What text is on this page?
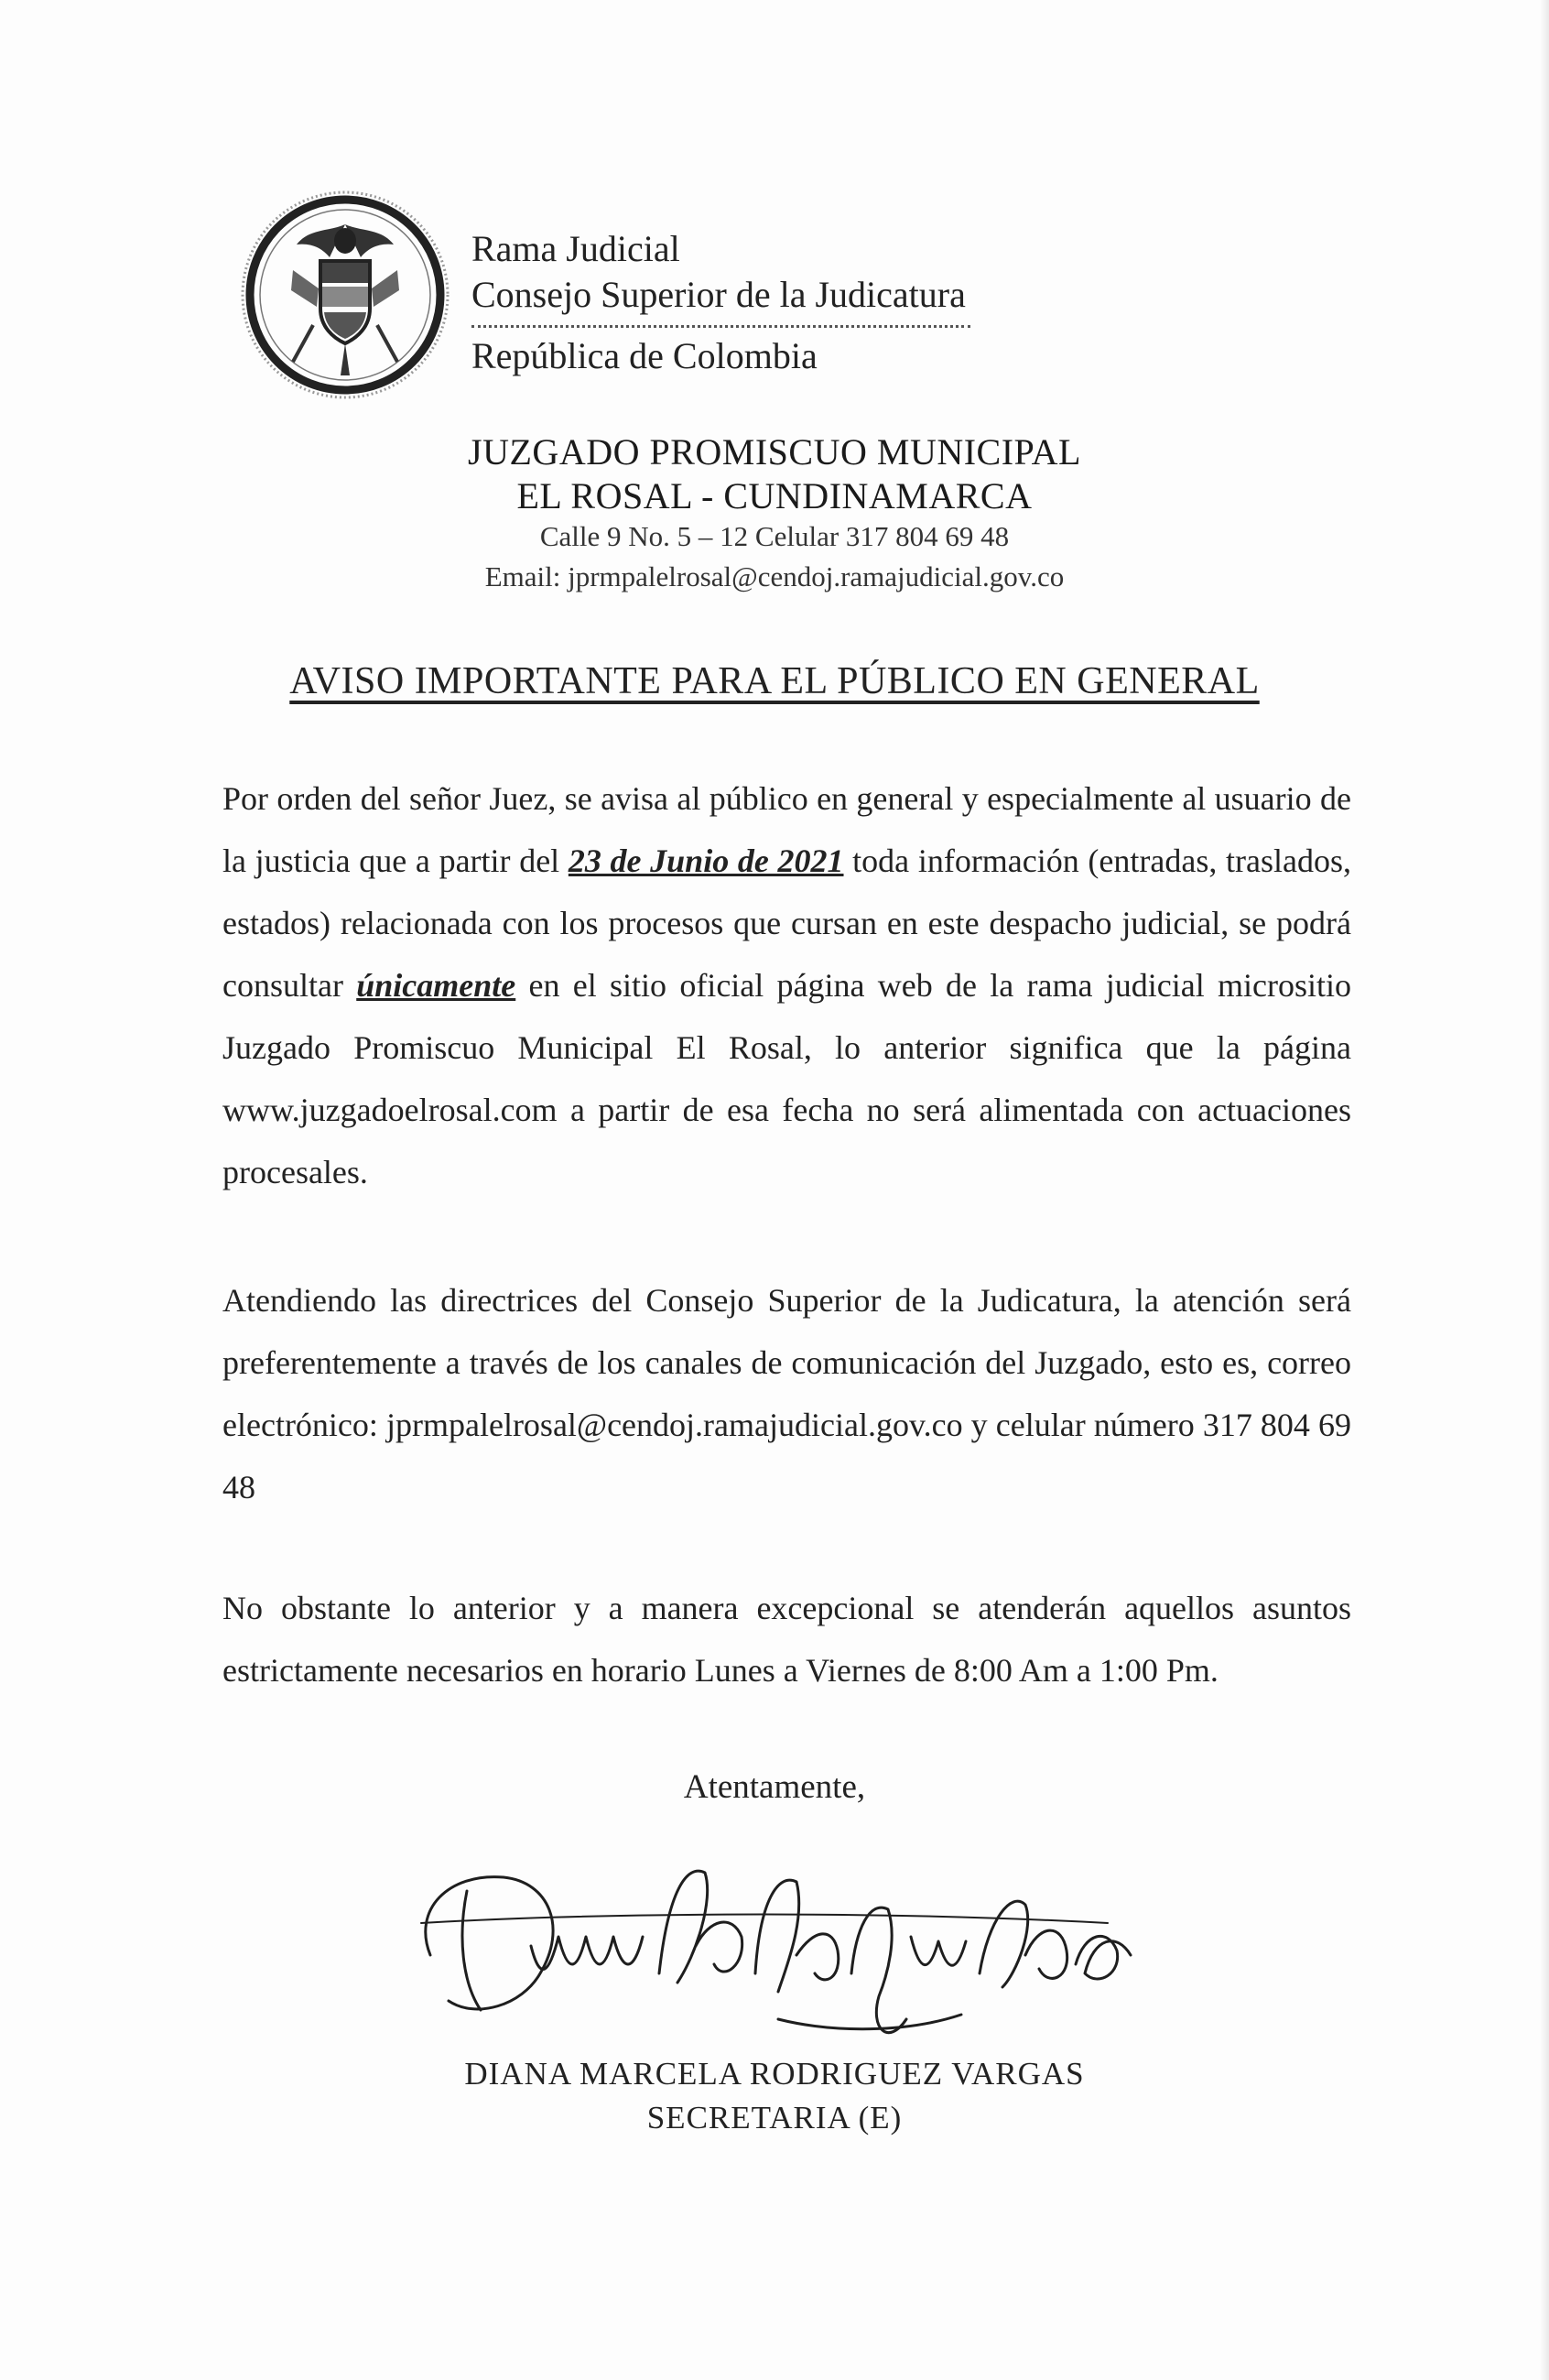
Rama Judicial
Consejo Superior de la Judicatura
República de Colombia
JUZGADO PROMISCUO MUNICIPAL
EL ROSAL - CUNDINAMARCA
Calle 9 No. 5 – 12 Celular 317 804 69 48
Email: jprmpalelrosal@cendoj.ramajudicial.gov.co
AVISO IMPORTANTE PARA EL PÚBLICO EN GENERAL
Por orden del señor Juez, se avisa al público en general y especialmente al usuario de la justicia que a partir del 23 de Junio de 2021 toda información (entradas, traslados, estados) relacionada con los procesos que cursan en este despacho judicial, se podrá consultar únicamente en el sitio oficial página web de la rama judicial micrositio Juzgado Promiscuo Municipal El Rosal, lo anterior significa que la página www.juzgadoelrosal.com a partir de esa fecha no será alimentada con actuaciones procesales.
Atendiendo las directrices del Consejo Superior de la Judicatura, la atención será preferentemente a través de los canales de comunicación del Juzgado, esto es, correo electrónico: jprmpalelrosal@cendoj.ramajudicial.gov.co y celular número 317 804 69 48
No obstante lo anterior y a manera excepcional se atenderán aquellos asuntos estrictamente necesarios en horario Lunes a Viernes de 8:00 Am a 1:00 Pm.
Atentamente,
DIANA MARCELA RODRIGUEZ VARGAS
SECRETARIA (E)
